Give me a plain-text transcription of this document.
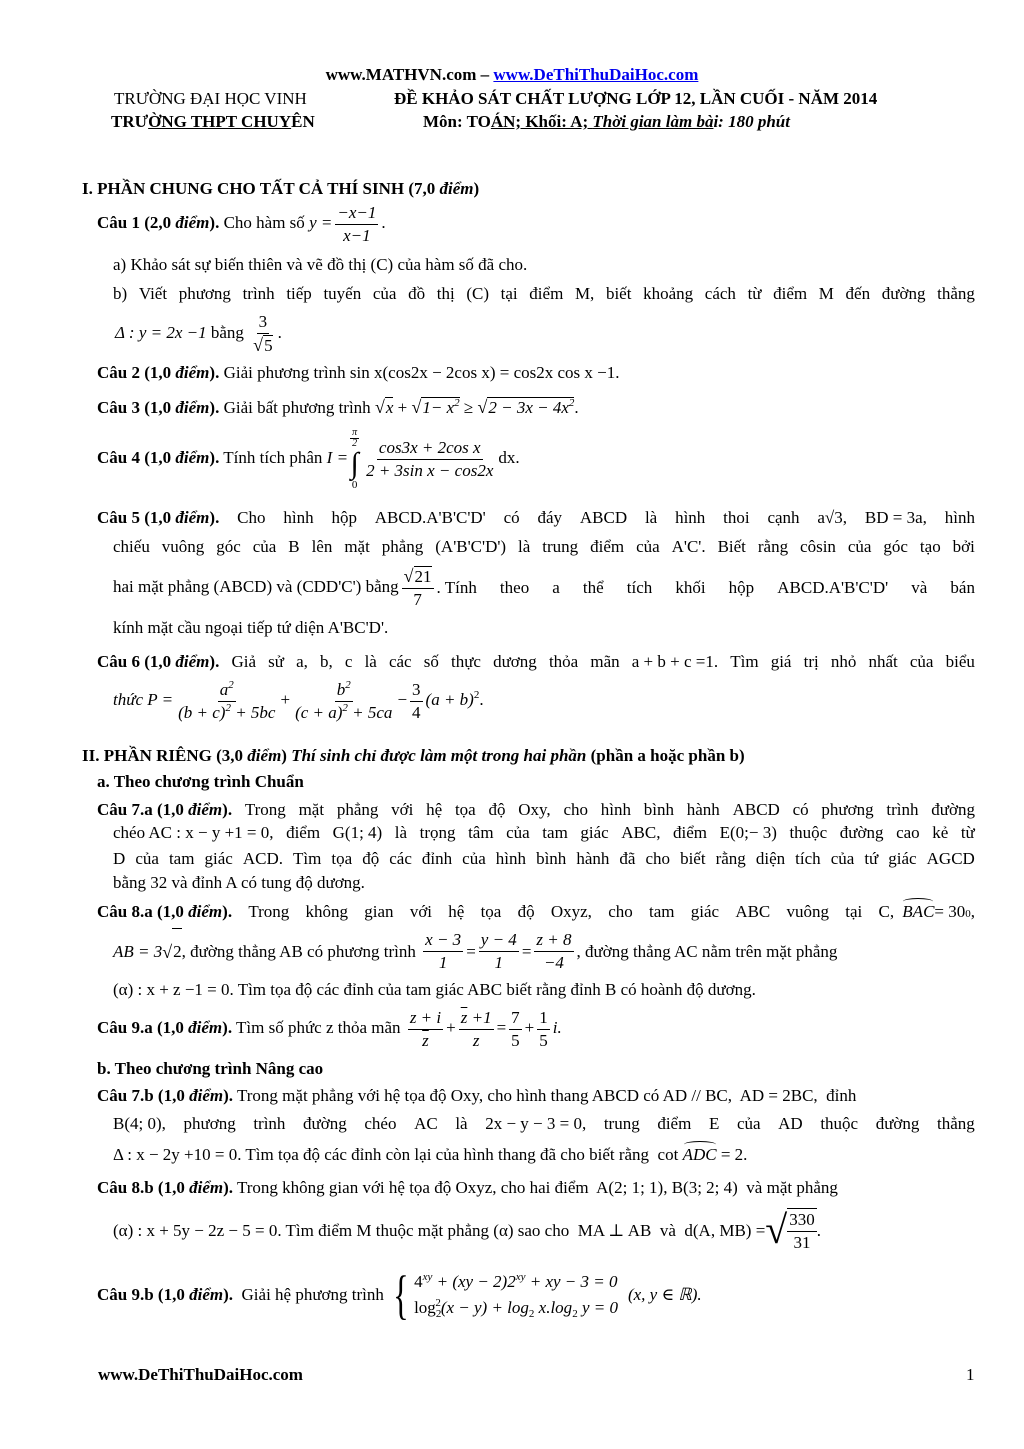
www.MATHVN.com – www.DeThiThuDaiHoc.com
TRƯỜNG ĐẠI HỌC VINH	ĐỀ KHẢO SÁT CHẤT LƯỢNG LỚP 12, LẦN CUỐI - NĂM 2014
TRƯỜNG THPT CHUYÊN	Môn: TOÁN; Khối: A; Thời gian làm bài: 180 phút
I. PHẦN CHUNG CHO TẤT CẢ THÍ SINH (7,0 điểm)
Câu 1 (2,0 điểm). Cho hàm số $y = \frac{-x-1}{x-1}$ .
a) Khảo sát sự biến thiên và vẽ đồ thị (C) của hàm số đã cho.
b) Viết phương trình tiếp tuyến của đồ thị (C) tại điểm M, biết khoảng cách từ điểm M đến đường thẳng
Δ : y = 2x −1 bằng $\frac{3}{√5}$ .
Câu 2 (1,0 điểm). Giải phương trình sin x(cos2x − 2cos x) = cos2x cos x −1.
Câu 3 (1,0 điểm). Giải bất phương trình $√x + √1- x^2 \ge √2 - 3x - 4x^2$.
Câu 4 (1,0 điểm). Tính tích phân I =
$\frac{\pi}{2}$
∫
0
$\frac{\text{cos3x + 2cos x}}{\text{2 + 3sin x − cos2x}}$ dx.
Câu 5 (1,0 điểm). Cho hình hộp ABCD.A'B'C'D' có đáy ABCD là hình thoi cạnh a√3, BD = 3a, hình
chiếu vuông góc của B lên mặt phẳng (A'B'C'D') là trung điểm của A'C'. Biết rằng côsin của góc tạo bởi
hai mặt phẳng (ABCD) và (CDD'C') bằng $\frac{√21}{7}$ . Tính theo a thể tích khối hộp ABCD.A'B'C'D' và bán
kính mặt cầu ngoại tiếp tứ diện A'BC'D'.
Câu 6 (1,0 điểm). Giả sử a, b, c là các số thực dương thỏa mãn a + b + c =1. Tìm giá trị nhỏ nhất của biểu
thức $P = \frac{a^2}{(b + c)^2 + 5bc} + \frac{b^2}{(c + a)^2 + 5ca} - \frac{3}{4} (a + b)^2$.
II. PHẦN RIÊNG (3,0 điểm) Thí sinh chỉ được làm một trong hai phần (phần a hoặc phần b)
a. Theo chương trình Chuẩn
Câu 7.a (1,0 điểm). Trong mặt phẳng với hệ tọa độ Oxy, cho hình bình hành ABCD có phương trình đường
chéo AC : x − y +1 = 0, điểm G(1; 4) là trọng tâm của tam giác ABC, điểm E(0;− 3) thuộc đường cao kẻ từ
D của tam giác ACD. Tìm tọa độ các đỉnh của hình bình hành đã cho biết rằng diện tích của tứ giác AGCD
bằng 32 và đỉnh A có tung độ dương.
Câu 8.a (1,0 điểm). Trong không gian với hệ tọa độ Oxyz, cho tam giác ABC vuông tại C, BAC = 30 0 ,
AB = 3 √ 2 , đường thẳng AB có phương trình $\frac{x - 3}{1} = \frac{y - 4}{1} = \frac{z + 8}{-4}$ , đường thẳng AC nằm trên mặt phẳng
(α) : x + z −1 = 0. Tìm tọa độ các đỉnh của tam giác ABC biết rằng đỉnh B có hoành độ dương.
Câu 9.a (1,0 điểm). Tìm số phức z thỏa mãn $\frac{z + i}{z} + \frac{\overline{z} +1}{z} = \frac{7}{5} + \frac{1}{5} i$.
b. Theo chương trình Nâng cao
Câu 7.b (1,0 điểm). Trong mặt phẳng với hệ tọa độ Oxy, cho hình thang ABCD có AD // BC,  AD = 2BC,  đỉnh
B(4; 0), phương trình đường chéo AC là 2x − y − 3 = 0, trung điểm E của AD thuộc đường thẳng
Δ : x − 2y +10 = 0. Tìm tọa độ các đỉnh còn lại của hình thang đã cho biết rằng  cot ADC = 2.
Câu 8.b (1,0 điểm). Trong không gian với hệ tọa độ Oxyz, cho hai điểm  A(2; 1; 1), B(3; 2; 4)  và mặt phẳng
(α) : x + 5y − 2z − 5 = 0. Tìm điểm M thuộc mặt phẳng (α) sao cho  MA ⊥ AB  và  d(A, MB) = √ $\frac{330}{31}$ .
Câu 9.b (1,0 điểm). Giải hệ phương trình { $4^{xy} + (xy - 2)2^{xy}$ + xy − 3 = 0
$\log_2^2(x - y) + \log_2 x.\log_2$ y = 0
(x, y ∈ ℝ).
www.DeThiThuDaiHoc.com	1
